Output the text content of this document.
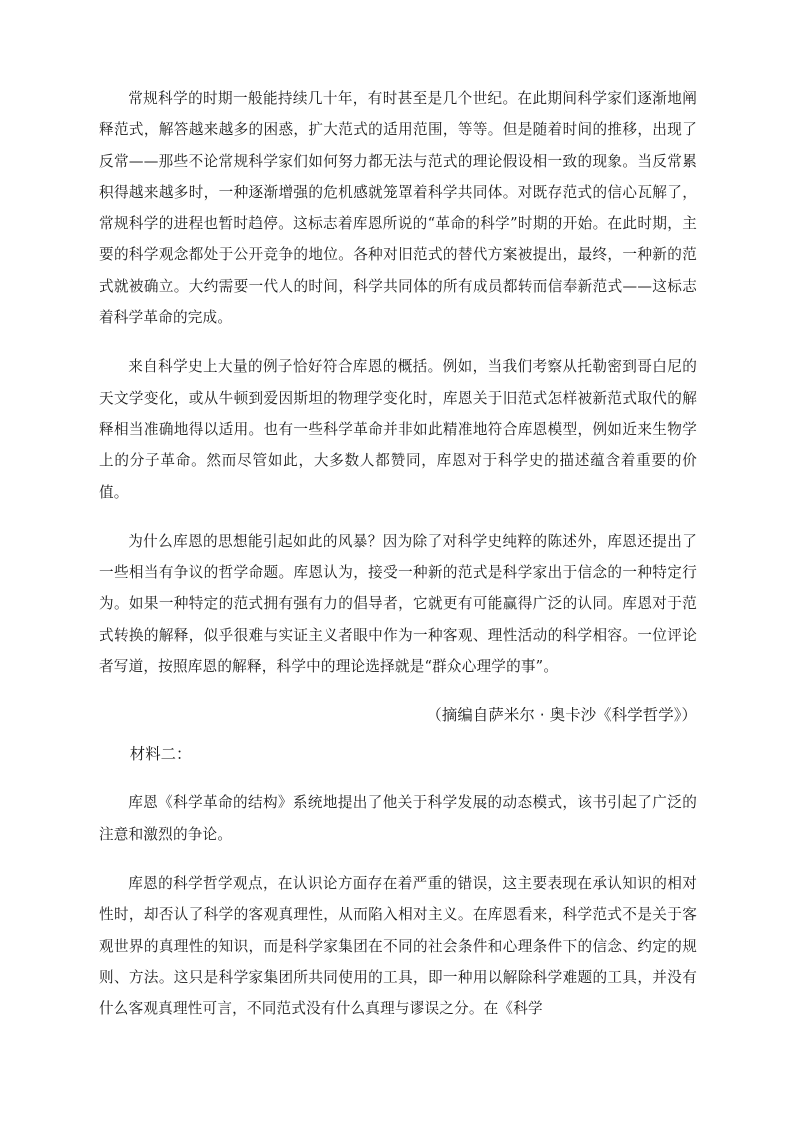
常规科学的时期一般能持续几十年，有时甚至是几个世纪。在此期间科学家们逐渐地阐释范式，解答越来越多的困惑，扩大范式的适用范围，等等。但是随着时间的推移，出现了反常——那些不论常规科学家们如何努力都无法与范式的理论假设相一致的现象。当反常累积得越来越多时，一种逐渐增强的危机感就笼罩着科学共同体。对既存范式的信心瓦解了，常规科学的进程也暂时趋停。这标志着库恩所说的“革命的科学”时期的开始。在此时期，主要的科学观念都处于公开竞争的地位。各种对旧范式的替代方案被提出，最终，一种新的范式就被确立。大约需要一代人的时间，科学共同体的所有成员都转而信奉新范式——这标志着科学革命的完成。

来自科学史上大量的例子恰好符合库恩的概括。例如，当我们考察从托勒密到哥白尼的天文学变化，或从牛顿到爱因斯坦的物理学变化时，库恩关于旧范式怎样被新范式取代的解释相当准确地得以适用。也有一些科学革命并非如此精准地符合库恩模型，例如近来生物学上的分子革命。然而尽管如此，大多数人都赞同，库恩对于科学史的描述蕴含着重要的价值。

为什么库恩的思想能引起如此的风暴？因为除了对科学史纯粹的陈述外，库恩还提出了一些相当有争议的哲学命题。库恩认为，接受一种新的范式是科学家出于信念的一种特定行为。如果一种特定的范式拥有强有力的倡导者，它就更有可能赢得广泛的认同。库恩对于范式转换的解释，似乎很难与实证主义者眼中作为一种客观、理性活动的科学相容。一位评论者写道，按照库恩的解释，科学中的理论选择就是“群众心理学的事”。

（摘编自萨米尔 · 奥卡沙《科学哲学》）

材料二：

库恩《科学革命的结构》系统地提出了他关于科学发展的动态模式，该书引起了广泛的注意和激烈的争论。

库恩的科学哲学观点，在认识论方面存在着严重的错误，这主要表现在承认知识的相对性时，却否认了科学的客观真理性，从而陷入相对主义。在库恩看来，科学范式不是关于客观世界的真理性的知识，而是科学家集团在不同的社会条件和心理条件下的信念、约定的规则、方法。这只是科学家集团所共同使用的工具，即一种用以解除科学难题的工具，并没有什么客观真理性可言，不同范式没有什么真理与谬误之分。在《科学
